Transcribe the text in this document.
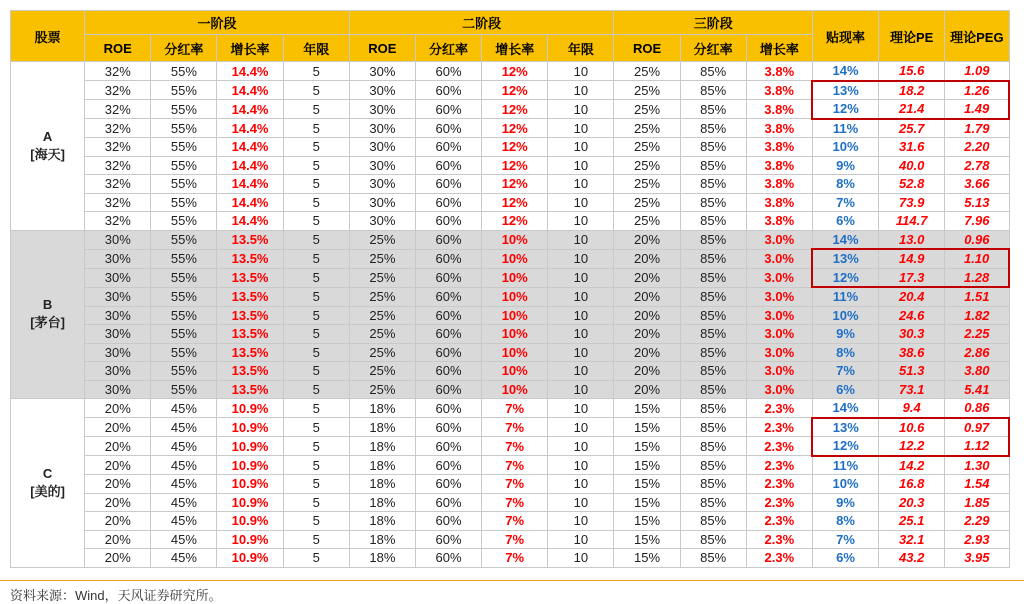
股票	一阶段				二阶段				三阶段			贴现率	理论PE	理论PEG
	ROE	分红率	增长率	年限	ROE	分红率	增长率	年限	ROE	分红率	增长率			

A
[海天]	32%	55%	14.4%	5	30%	60%	12%	10	25%	85%	3.8%	14%	15.6	1.09
	32%	55%	14.4%	5	30%	60%	12%	10	25%	85%	3.8%	13%	18.2	1.26
	32%	55%	14.4%	5	30%	60%	12%	10	25%	85%	3.8%	12%	21.4	1.49
	32%	55%	14.4%	5	30%	60%	12%	10	25%	85%	3.8%	11%	25.7	1.79
	32%	55%	14.4%	5	30%	60%	12%	10	25%	85%	3.8%	10%	31.6	2.20
	32%	55%	14.4%	5	30%	60%	12%	10	25%	85%	3.8%	9%	40.0	2.78
	32%	55%	14.4%	5	30%	60%	12%	10	25%	85%	3.8%	8%	52.8	3.66
	32%	55%	14.4%	5	30%	60%	12%	10	25%	85%	3.8%	7%	73.9	5.13
	32%	55%	14.4%	5	30%	60%	12%	10	25%	85%	3.8%	6%	114.7	7.96

B
[茅台]	30%	55%	13.5%	5	25%	60%	10%	10	20%	85%	3.0%	14%	13.0	0.96
	30%	55%	13.5%	5	25%	60%	10%	10	20%	85%	3.0%	13%	14.9	1.10
	30%	55%	13.5%	5	25%	60%	10%	10	20%	85%	3.0%	12%	17.3	1.28
	30%	55%	13.5%	5	25%	60%	10%	10	20%	85%	3.0%	11%	20.4	1.51
	30%	55%	13.5%	5	25%	60%	10%	10	20%	85%	3.0%	10%	24.6	1.82
	30%	55%	13.5%	5	25%	60%	10%	10	20%	85%	3.0%	9%	30.3	2.25
	30%	55%	13.5%	5	25%	60%	10%	10	20%	85%	3.0%	8%	38.6	2.86
	30%	55%	13.5%	5	25%	60%	10%	10	20%	85%	3.0%	7%	51.3	3.80
	30%	55%	13.5%	5	25%	60%	10%	10	20%	85%	3.0%	6%	73.1	5.41

C
[美的]	20%	45%	10.9%	5	18%	60%	7%	10	15%	85%	2.3%	14%	9.4	0.86
	20%	45%	10.9%	5	18%	60%	7%	10	15%	85%	2.3%	13%	10.6	0.97
	20%	45%	10.9%	5	18%	60%	7%	10	15%	85%	2.3%	12%	12.2	1.12
	20%	45%	10.9%	5	18%	60%	7%	10	15%	85%	2.3%	11%	14.2	1.30
	20%	45%	10.9%	5	18%	60%	7%	10	15%	85%	2.3%	10%	16.8	1.54
	20%	45%	10.9%	5	18%	60%	7%	10	15%	85%	2.3%	9%	20.3	1.85
	20%	45%	10.9%	5	18%	60%	7%	10	15%	85%	2.3%	8%	25.1	2.29
	20%	45%	10.9%	5	18%	60%	7%	10	15%	85%	2.3%	7%	32.1	2.93
	20%	45%	10.9%	5	18%	60%	7%	10	15%	85%	2.3%	6%	43.2	3.95
资料来源：Wind，天风证券研究所。
